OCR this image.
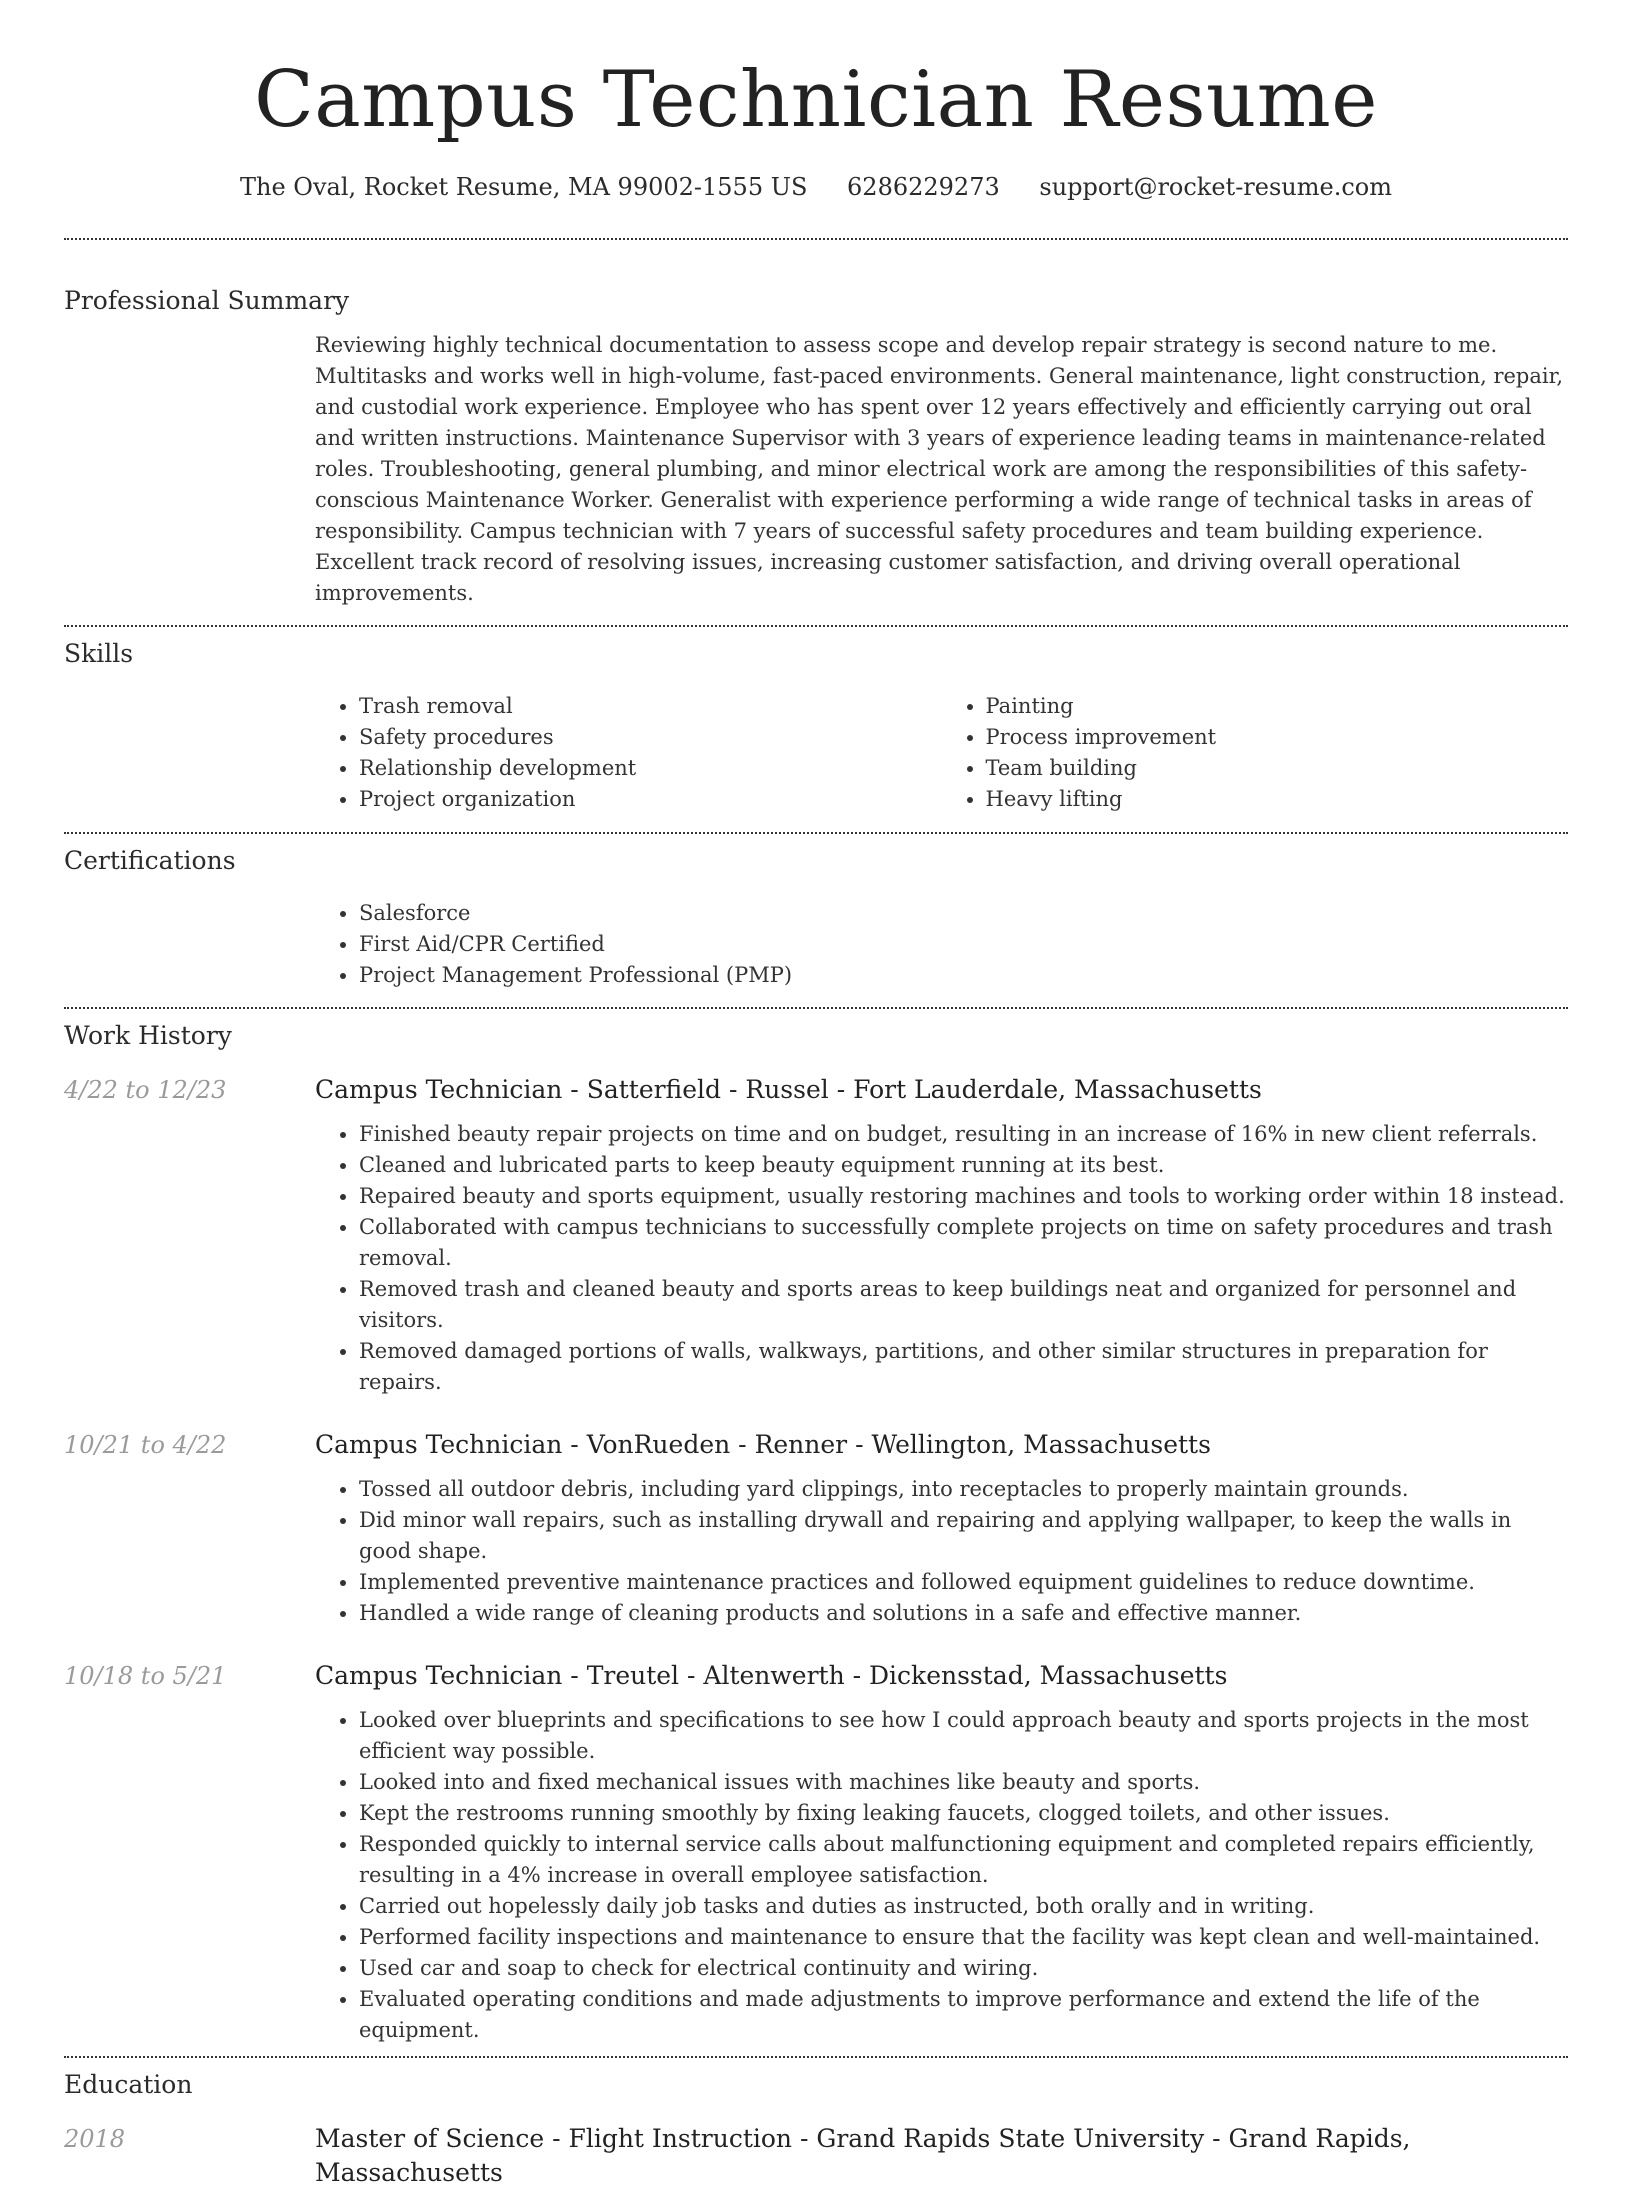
Campus Technician Resume
The Oval, Rocket Resume, MA 99002-1555 US 6286229273 support@rocket-resume.com
Professional Summary

Reviewing highly technical documentation to assess scope and develop repair strategy is second nature to me. Multitasks and works well in high-volume, fast-paced environments. General maintenance, light construction, repair, and custodial work experience. Employee who has spent over 12 years effectively and efficiently carrying out oral and written instructions. Maintenance Supervisor with 3 years of experience leading teams in maintenance-related roles. Troubleshooting, general plumbing, and minor electrical work are among the responsibilities of this safety-conscious Maintenance Worker. Generalist with experience performing a wide range of technical tasks in areas of responsibility. Campus technician with 7 years of successful safety procedures and team building experience. Excellent track record of resolving issues, increasing customer satisfaction, and driving overall operational improvements.

Skills
• Trash removal
• Safety procedures
• Relationship development
• Project organization
• Painting
• Process improvement
• Team building
• Heavy lifting
Certifications
• Salesforce
• First Aid/CPR Certified
• Project Management Professional (PMP)
Work History
4/22 to 12/23	Campus Technician - Satterfield - Russel - Fort Lauderdale, Massachusetts
• Finished beauty repair projects on time and on budget, resulting in an increase of 16% in new client referrals.
• Cleaned and lubricated parts to keep beauty equipment running at its best.
• Repaired beauty and sports equipment, usually restoring machines and tools to working order within 18 instead.
• Collaborated with campus technicians to successfully complete projects on time on safety procedures and trash removal.
• Removed trash and cleaned beauty and sports areas to keep buildings neat and organized for personnel and visitors.
• Removed damaged portions of walls, walkways, partitions, and other similar structures in preparation for repairs.
10/21 to 4/22	Campus Technician - VonRueden - Renner - Wellington, Massachusetts
• Tossed all outdoor debris, including yard clippings, into receptacles to properly maintain grounds.
• Did minor wall repairs, such as installing drywall and repairing and applying wallpaper, to keep the walls in good shape.
• Implemented preventive maintenance practices and followed equipment guidelines to reduce downtime.
• Handled a wide range of cleaning products and solutions in a safe and effective manner.
10/18 to 5/21	Campus Technician - Treutel - Altenwerth - Dickensstad, Massachusetts
• Looked over blueprints and specifications to see how I could approach beauty and sports projects in the most efficient way possible.
• Looked into and fixed mechanical issues with machines like beauty and sports.
• Kept the restrooms running smoothly by fixing leaking faucets, clogged toilets, and other issues.
• Responded quickly to internal service calls about malfunctioning equipment and completed repairs efficiently, resulting in a 4% increase in overall employee satisfaction.
• Carried out hopelessly daily job tasks and duties as instructed, both orally and in writing.
• Performed facility inspections and maintenance to ensure that the facility was kept clean and well-maintained.
• Used car and soap to check for electrical continuity and wiring.
• Evaluated operating conditions and made adjustments to improve performance and extend the life of the equipment.
Education
2018	Master of Science - Flight Instruction - Grand Rapids State University - Grand Rapids, Massachusetts
